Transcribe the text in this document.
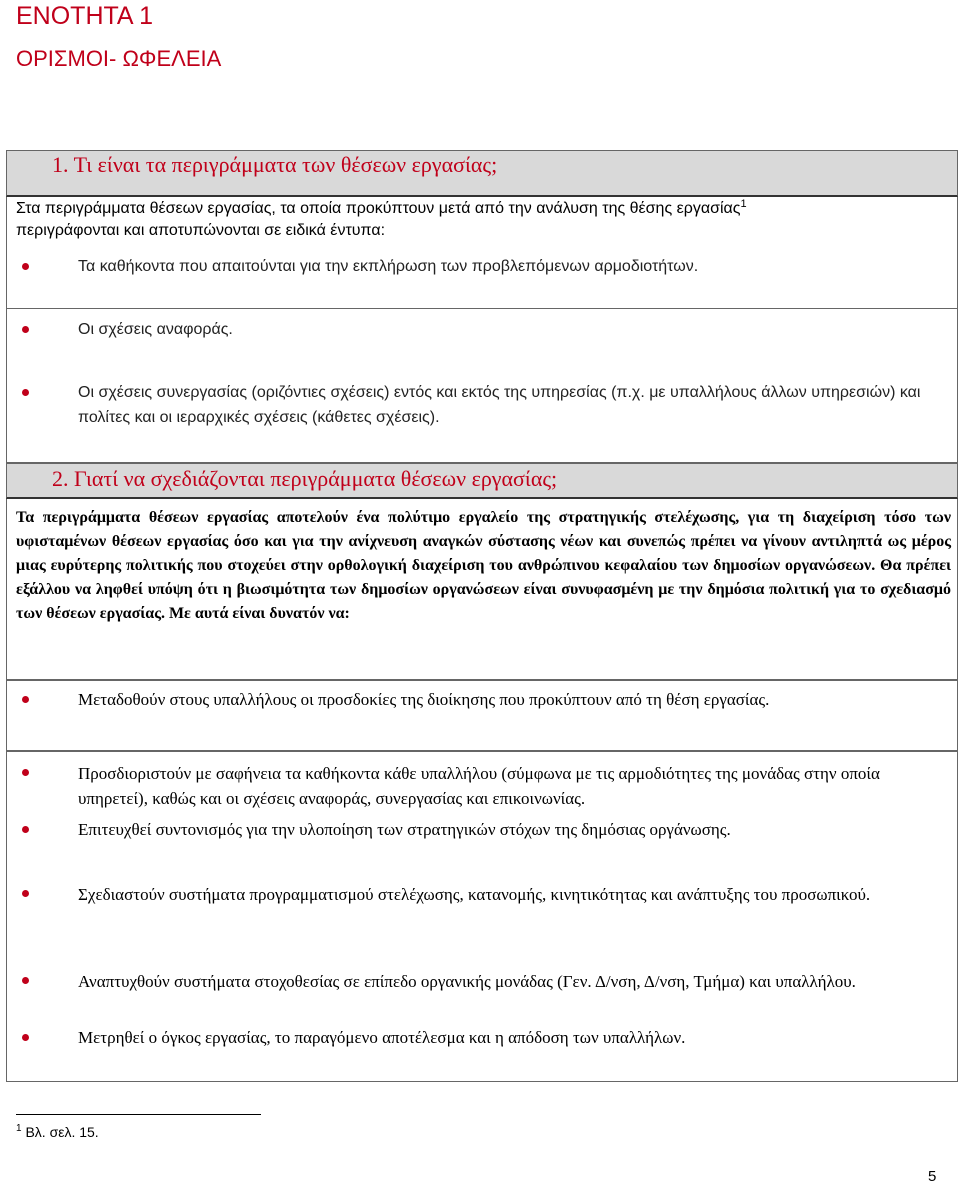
ΕΝΟΤΗΤΑ 1
ΟΡΙΣΜΟΙ- ΩΦΕΛΕΙΑ
1. Τι είναι τα περιγράμματα των θέσεων εργασίας;
Στα περιγράμματα θέσεων εργασίας, τα οποία προκύπτουν μετά από την ανάλυση της θέσης εργασίας$^1$
περιγράφονται και αποτυπώνονται σε ειδικά έντυπα:
Τα καθήκοντα που απαιτούνται για την εκπλήρωση των προβλεπόμενων αρμοδιοτήτων.
Οι σχέσεις αναφοράς.
Οι σχέσεις συνεργασίας (οριζόντιες σχέσεις) εντός και εκτός της υπηρεσίας (π.χ. με υπαλλήλους άλλων υπηρεσιών) και πολίτες και οι ιεραρχικές σχέσεις (κάθετες σχέσεις).
2. Γιατί να σχεδιάζονται περιγράμματα θέσεων εργασίας;
Τα περιγράμματα θέσεων εργασίας αποτελούν ένα πολύτιμο εργαλείο της στρατηγικής στελέχωσης, για τη διαχείριση τόσο των υφισταμένων θέσεων εργασίας όσο και για την ανίχνευση αναγκών σύστασης νέων και συνεπώς πρέπει να γίνουν αντιληπτά ως μέρος μιας ευρύτερης πολιτικής που στοχεύει στην ορθολογική διαχείριση του ανθρώπινου κεφαλαίου των δημοσίων οργανώσεων. Θα πρέπει εξάλλου να ληφθεί υπόψη ότι η βιωσιμότητα των δημοσίων οργανώσεων είναι συνυφασμένη με την δημόσια πολιτική για το σχεδιασμό των θέσεων εργασίας. Με αυτά είναι δυνατόν να:
Μεταδοθούν στους υπαλλήλους οι προσδοκίες της διοίκησης που προκύπτουν από τη θέση εργασίας.
Προσδιοριστούν με σαφήνεια τα καθήκοντα κάθε υπαλλήλου (σύμφωνα με τις αρμοδιότητες της μονάδας στην οποία υπηρετεί), καθώς και οι σχέσεις αναφοράς, συνεργασίας και επικοινωνίας.
Επιτευχθεί συντονισμός για την υλοποίηση των στρατηγικών στόχων της δημόσιας οργάνωσης.
Σχεδιαστούν συστήματα προγραμματισμού στελέχωσης, κατανομής, κινητικότητας και ανάπτυξης του προσωπικού.
Αναπτυχθούν συστήματα στοχοθεσίας σε επίπεδο οργανικής μονάδας (Γεν. Δ/νση, Δ/νση, Τμήμα) και υπαλλήλου.
Μετρηθεί ο όγκος εργασίας, το παραγόμενο αποτέλεσμα και η απόδοση των υπαλλήλων.
$^1$ Βλ. σελ. 15.
5
